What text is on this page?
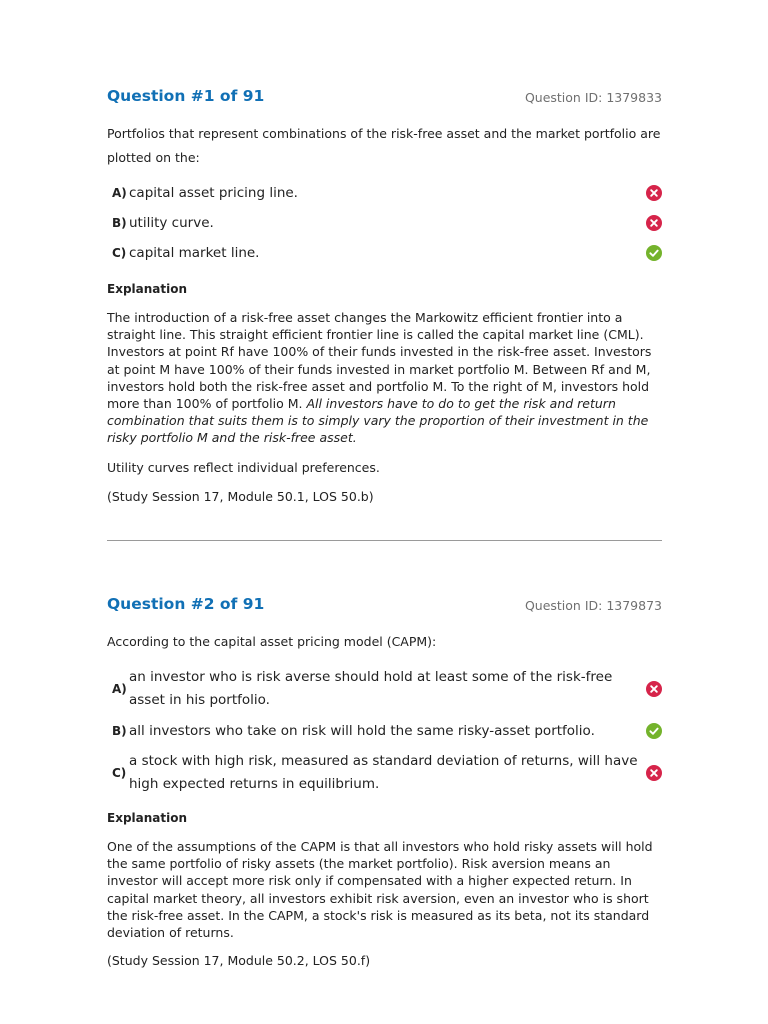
Question #1 of 91	Question ID: 1379833

Portfolios that represent combinations of the risk-free asset and the market portfolio are plotted on the:

A) capital asset pricing line.
B) utility curve.
C) capital market line.

Explanation

The introduction of a risk-free asset changes the Markowitz efficient frontier into a straight line. This straight efficient frontier line is called the capital market line (CML). Investors at point Rf have 100% of their funds invested in the risk-free asset. Investors at point M have 100% of their funds invested in market portfolio M. Between Rf and M, investors hold both the risk-free asset and portfolio M. To the right of M, investors hold more than 100% of portfolio M. All investors have to do to get the risk and return combination that suits them is to simply vary the proportion of their investment in the risky portfolio M and the risk-free asset.

Utility curves reflect individual preferences.

(Study Session 17, Module 50.1, LOS 50.b)

Question #2 of 91	Question ID: 1379873

According to the capital asset pricing model (CAPM):

A)
an investor who is risk averse should hold at least some of the risk-free asset in his portfolio.
B) all investors who take on risk will hold the same risky-asset portfolio.
C)
a stock with high risk, measured as standard deviation of returns, will have high expected returns in equilibrium.

Explanation

One of the assumptions of the CAPM is that all investors who hold risky assets will hold the same portfolio of risky assets (the market portfolio). Risk aversion means an investor will accept more risk only if compensated with a higher expected return. In capital market theory, all investors exhibit risk aversion, even an investor who is short the risk-free asset. In the CAPM, a stock's risk is measured as its beta, not its standard deviation of returns.

(Study Session 17, Module 50.2, LOS 50.f)
